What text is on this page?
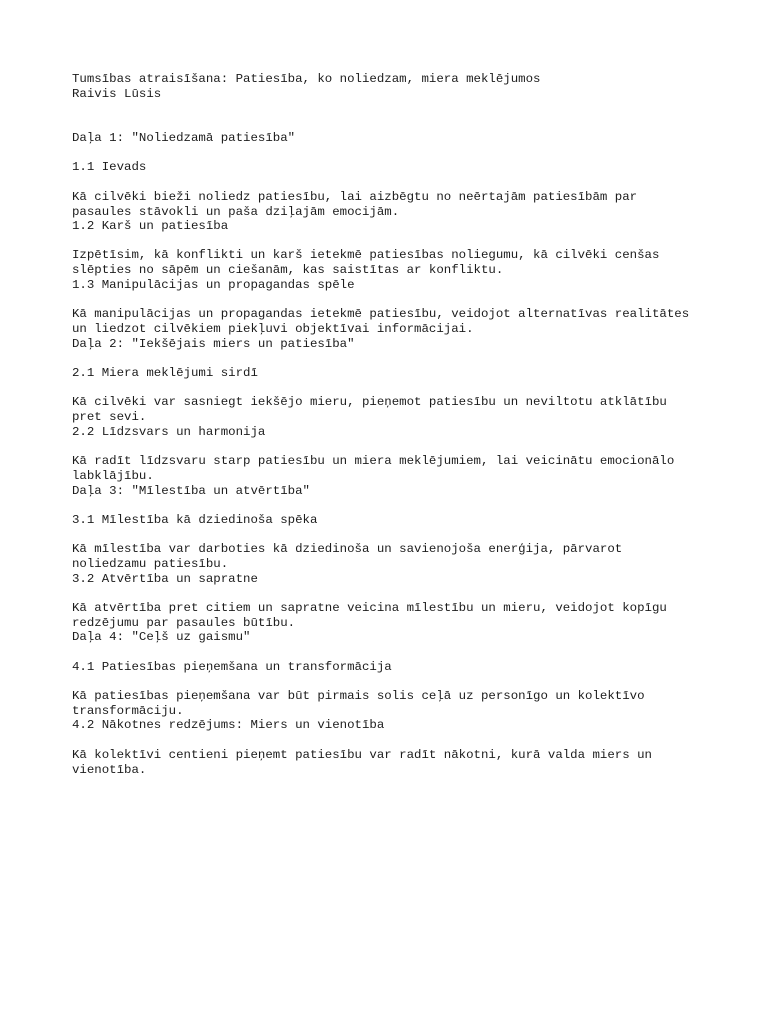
Tumsības atraisīšana: Patiesība, ko noliedzam, miera meklējumos
Raivis Lūsis
Daļa 1: "Noliedzamā patiesība"
1.1 Ievads
Kā cilvēki bieži noliedz patiesību, lai aizbēgtu no neērtajām patiesībām par
pasaules stāvokli un paša dziļajām emocijām.
1.2 Karš un patiesība
Izpētīsim, kā konflikti un karš ietekmē patiesības noliegumu, kā cilvēki cenšas
slēpties no sāpēm un ciešanām, kas saistītas ar konfliktu.
1.3 Manipulācijas un propagandas spēle
Kā manipulācijas un propagandas ietekmē patiesību, veidojot alternatīvas realitātes
un liedzot cilvēkiem piekļuvi objektīvai informācijai.
Daļa 2: "Iekšējais miers un patiesība"
2.1 Miera meklējumi sirdī
Kā cilvēki var sasniegt iekšējo mieru, pieņemot patiesību un neviltotu atklātību
pret sevi.
2.2 Līdzsvars un harmonija
Kā radīt līdzsvaru starp patiesību un miera meklējumiem, lai veicinātu emocionālo
labklājību.
Daļa 3: "Mīlestība un atvērtība"
3.1 Mīlestība kā dziedinoša spēka
Kā mīlestība var darboties kā dziedinoša un savienojoša enerģija, pārvarot
noliedzamu patiesību.
3.2 Atvērtība un sapratne
Kā atvērtība pret citiem un sapratne veicina mīlestību un mieru, veidojot kopīgu
redzējumu par pasaules būtību.
Daļa 4: "Ceļš uz gaismu"
4.1 Patiesības pieņemšana un transformācija
Kā patiesības pieņemšana var būt pirmais solis ceļā uz personīgo un kolektīvo
transformāciju.
4.2 Nākotnes redzējums: Miers un vienotība
Kā kolektīvi centieni pieņemt patiesību var radīt nākotni, kurā valda miers un
vienotība.
